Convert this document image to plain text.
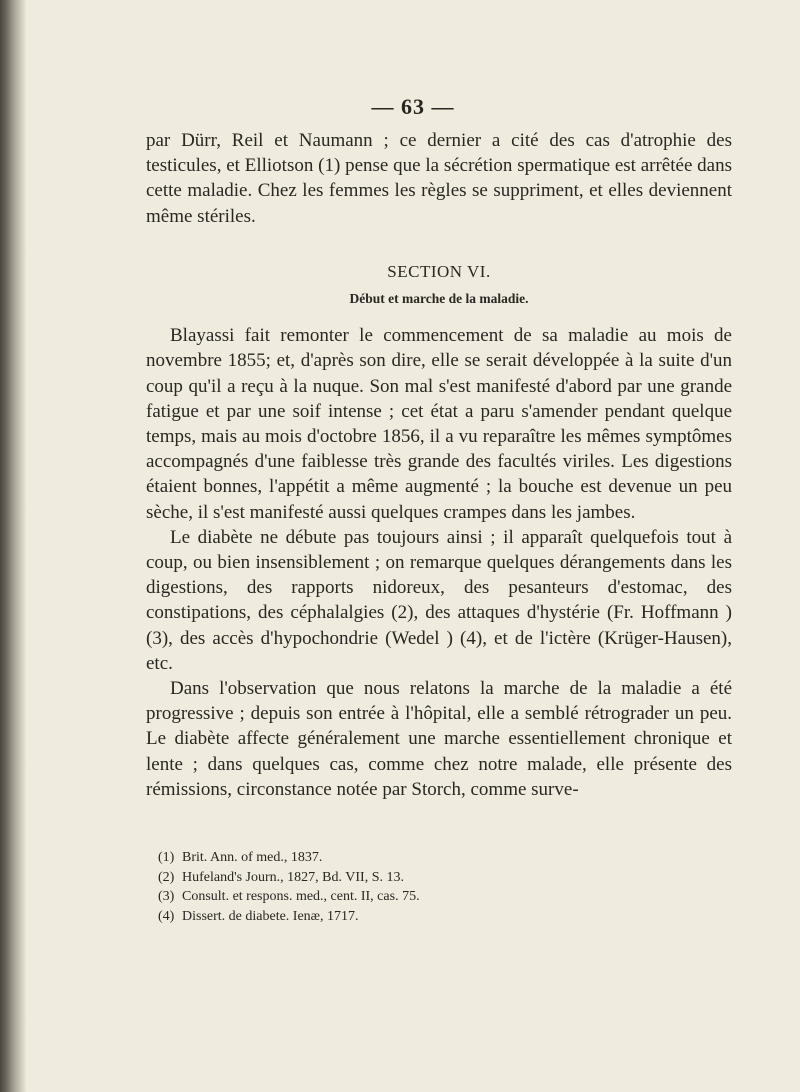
— 63 —

par Dürr, Reil et Naumann ; ce dernier a cité des cas d'atrophie des testicules, et Elliotson (1) pense que la sécrétion spermatique est arrêtée dans cette maladie. Chez les femmes les règles se suppriment, et elles deviennent même stériles.

SECTION VI.
Début et marche de la maladie.

Blayassi fait remonter le commencement de sa maladie au mois de novembre 1855; et, d'après son dire, elle se serait développée à la suite d'un coup qu'il a reçu à la nuque. Son mal s'est manifesté d'abord par une grande fatigue et par une soif intense ; cet état a paru s'amender pendant quelque temps, mais au mois d'octobre 1856, il a vu reparaître les mêmes symptômes accompagnés d'une faiblesse très grande des facultés viriles. Les digestions étaient bonnes, l'appétit a même augmenté ; la bouche est devenue un peu sèche, il s'est manifesté aussi quelques crampes dans les jambes.

Le diabète ne débute pas toujours ainsi ; il apparaît quelquefois tout à coup, ou bien insensiblement ; on remarque quelques dérangements dans les digestions, des rapports nidoreux, des pesanteurs d'estomac, des constipations, des céphalalgies (2), des attaques d'hystérie (Fr. Hoffmann ) (3), des accès d'hypochondrie (Wedel ) (4), et de l'ictère (Krüger-Hausen), etc.

Dans l'observation que nous relatons la marche de la maladie a été progressive ; depuis son entrée à l'hôpital, elle a semblé rétrograder un peu. Le diabète affecte généralement une marche essentiellement chronique et lente ; dans quelques cas, comme chez notre malade, elle présente des rémissions, circonstance notée par Storch, comme surve-

(1) Brit. Ann. of med., 1837.
(2) Hufeland's Journ., 1827, Bd. VII, S. 13.
(3) Consult. et respons. med., cent. II, cas. 75.
(4) Dissert. de diabete. Ienæ, 1717.
